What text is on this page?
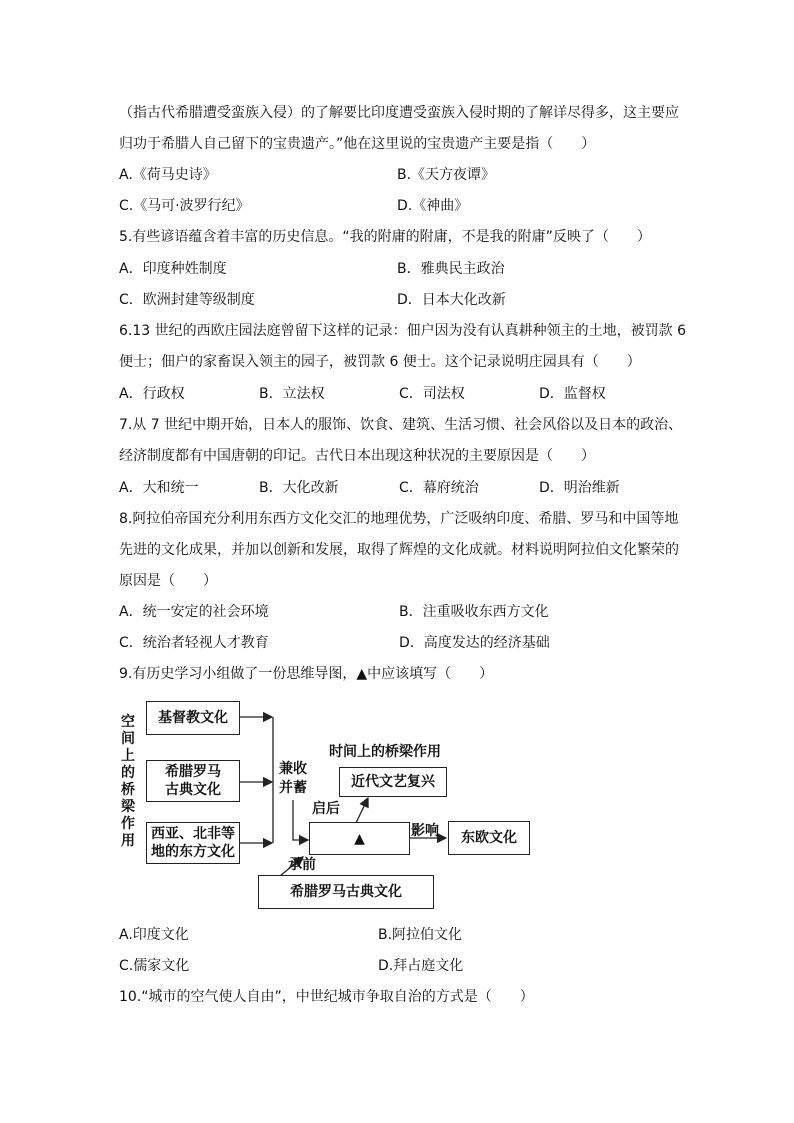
（指古代希腊遭受蛮族入侵）的了解要比印度遭受蛮族入侵时期的了解详尽得多，这主要应
归功于希腊人自己留下的宝贵遗产。”他在这里说的宝贵遗产主要是指（　　）
A.《荷马史诗》	B.《天方夜谭》
C.《马可·波罗行纪》	D.《神曲》
5.有些谚语蕴含着丰富的历史信息。“我的附庸的附庸，不是我的附庸”反映了（　　）
A．印度种姓制度	B．雅典民主政治
C．欧洲封建等级制度	D．日本大化改新
6.13 世纪的西欧庄园法庭曾留下这样的记录：佃户因为没有认真耕种领主的土地，被罚款 6
便士；佃户的家畜误入领主的园子，被罚款 6 便士。这个记录说明庄园具有（　　）
A．行政权	B．立法权	C．司法权	D．监督权
7.从 7 世纪中期开始，日本人的服饰、饮食、建筑、生活习惯、社会风俗以及日本的政治、
经济制度都有中国唐朝的印记。古代日本出现这种状况的主要原因是（　　）
A．大和统一	B．大化改新	C．幕府统治	D．明治维新
8.阿拉伯帝国充分利用东西方文化交汇的地理优势，广泛吸纳印度、希腊、罗马和中国等地
先进的文化成果，并加以创新和发展，取得了辉煌的文化成就。材料说明阿拉伯文化繁荣的
原因是（　　）
A．统一安定的社会环境	B．注重吸收东西方文化
C．统治者轻视人才教育	D．高度发达的经济基础
9.有历史学习小组做了一份思维导图，▲中应该填写（　　）
空间上的桥梁作用
基督教文化
希腊罗马
古典文化
西亚、北非等
地的东方文化
兼收
并蓄
时间上的桥梁作用
近代文艺复兴
启后
▲	影响 东欧文化
承前
希腊罗马古典文化
A.印度文化	B.阿拉伯文化
C.儒家文化	D.拜占庭文化
10.“城市的空气使人自由”，中世纪城市争取自治的方式是（　　）
